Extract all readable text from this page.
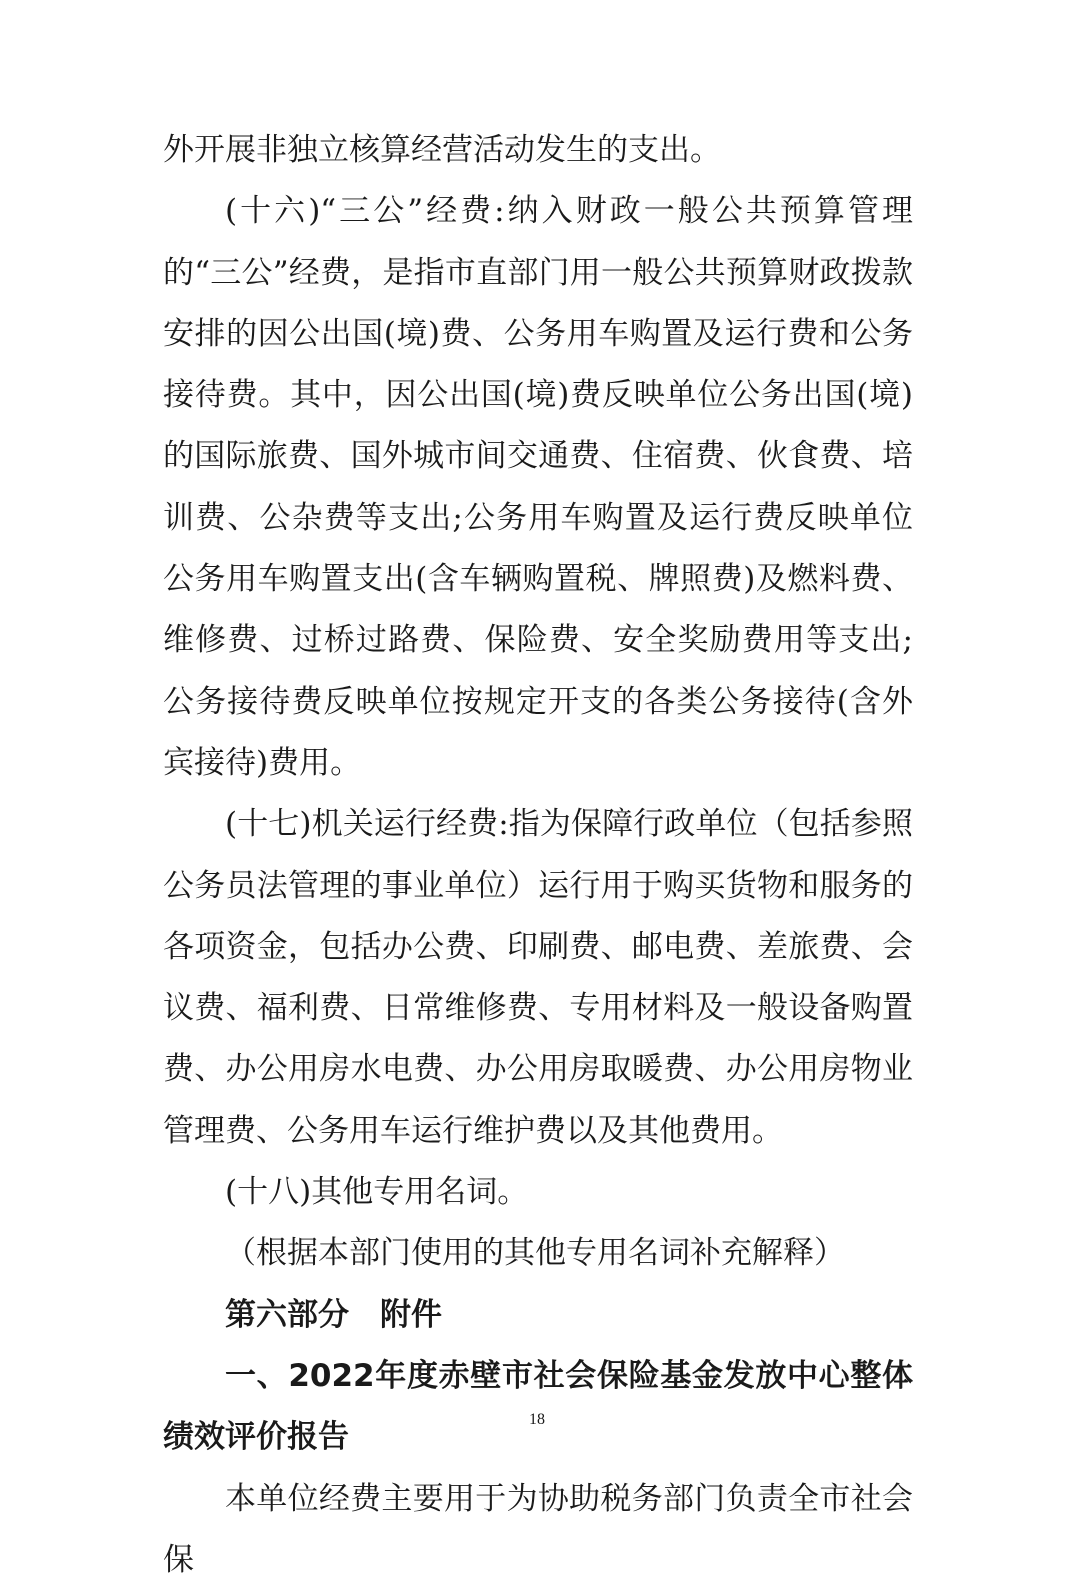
外开展非独立核算经营活动发生的支出。

(十六)“三公”经费:纳入财政一般公共预算管理的“三公”经费，是指市直部门用一般公共预算财政拨款安排的因公出国(境)费、公务用车购置及运行费和公务接待费。其中，因公出国(境)费反映单位公务出国(境)的国际旅费、国外城市间交通费、住宿费、伙食费、培训费、公杂费等支出;公务用车购置及运行费反映单位公务用车购置支出(含车辆购置税、牌照费)及燃料费、维修费、过桥过路费、保险费、安全奖励费用等支出;公务接待费反映单位按规定开支的各类公务接待(含外宾接待)费用。

(十七)机关运行经费:指为保障行政单位（包括参照公务员法管理的事业单位）运行用于购买货物和服务的各项资金，包括办公费、印刷费、邮电费、差旅费、会议费、福利费、日常维修费、专用材料及一般设备购置费、办公用房水电费、办公用房取暖费、办公用房物业管理费、公务用车运行维护费以及其他费用。

(十八)其他专用名词。

（根据本部门使用的其他专用名词补充解释）

第六部分　附件

一、2022年度赤壁市社会保险基金发放中心整体绩效评价报告

本单位经费主要用于为协助税务部门负责全市社会保

18
